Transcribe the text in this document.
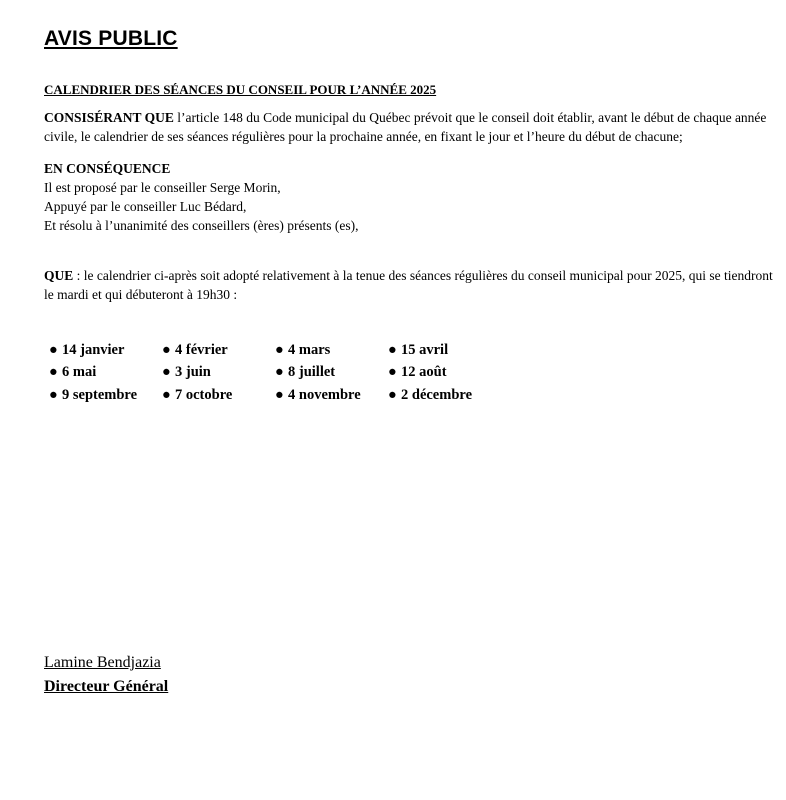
AVIS PUBLIC
CALENDRIER DES SÉANCES DU CONSEIL POUR L’ANNÉE 2025
CONSISÉRANT QUE l’article 148 du Code municipal du Québec prévoit que le conseil doit établir, avant le début de chaque année
civile, le calendrier de ses séances régulières pour la prochaine année, en fixant le jour et l’heure du début de chacune;
EN CONSÉQUENCE
Il est proposé par le conseiller Serge Morin,
Appuyé par le conseiller Luc Bédard,
Et résolu à l’unanimité des conseillers (ères) présents (es),
QUE : le calendrier ci-après soit adopté relativement à la tenue des séances régulières du conseil municipal pour 2025, qui se tiendront
le mardi et qui débuteront à 19h30 :
● 14 janvier	● 4 février	● 4 mars	● 15 avril
● 6 mai	● 3 juin	● 8 juillet	● 12 août
● 9 septembre	● 7 octobre	● 4 novembre	● 2 décembre
Lamine Bendjazia
Directeur Général
